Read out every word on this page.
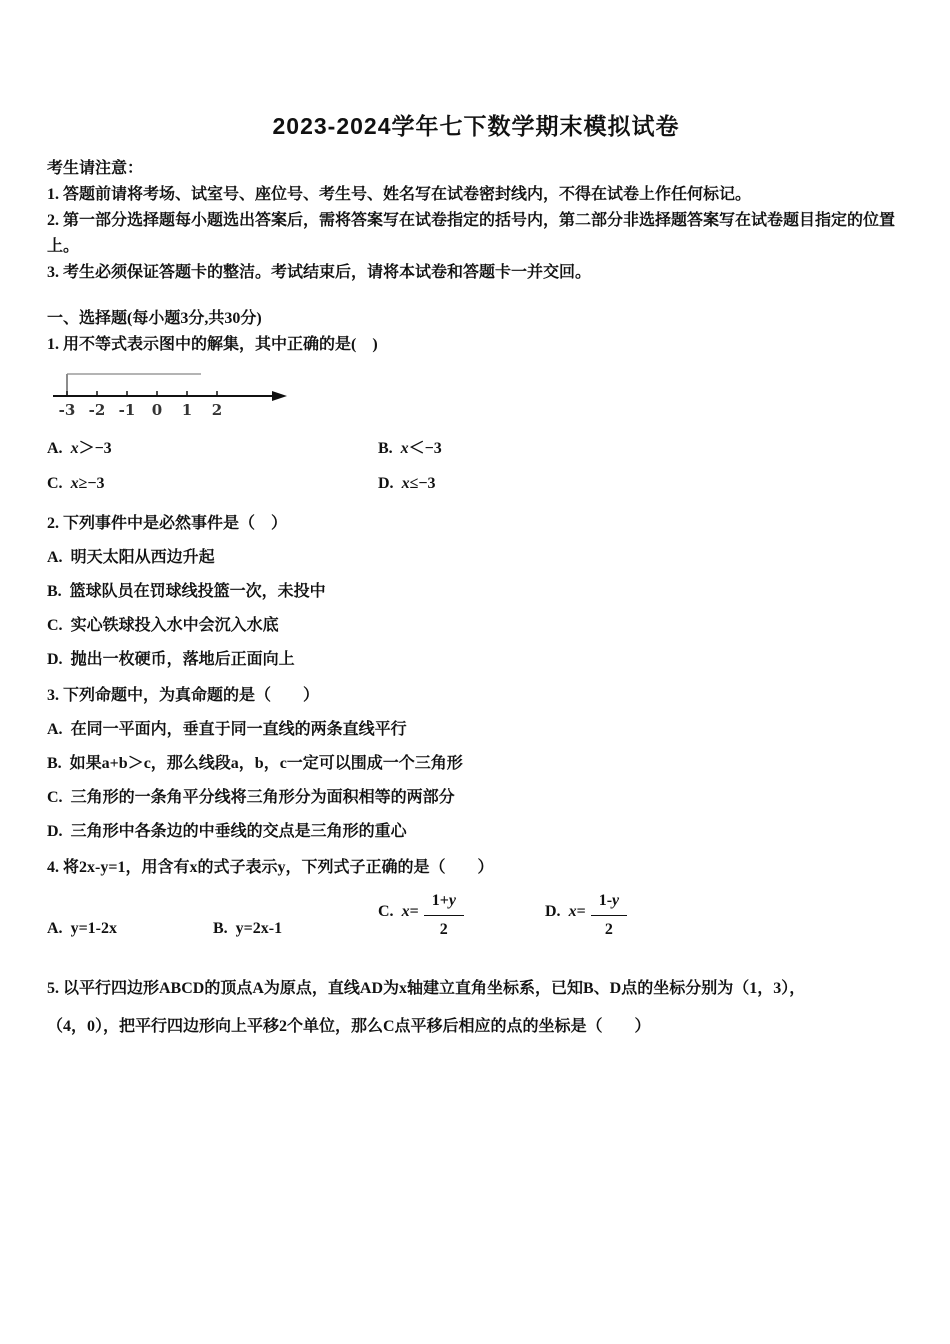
2023-2024学年七下数学期末模拟试卷
考生请注意：
1. 答题前请将考场、试室号、座位号、考生号、姓名写在试卷密封线内，不得在试卷上作任何标记。
2. 第一部分选择题每小题选出答案后，需将答案写在试卷指定的括号内，第二部分非选择题答案写在试卷题目指定的位置上。
3. 考生必须保证答题卡的整洁。考试结束后，请将本试卷和答题卡一并交回。
一、选择题(每小题3分,共30分)
1. 用不等式表示图中的解集，其中正确的是(　)
-3 -2 -1 0 1 2
A. x＞−3	B. x＜−3
C. x≥−3	D. x≤−3
2. 下列事件中是必然事件是（　）
A. 明天太阳从西边升起
B. 篮球队员在罚球线投篮一次，未投中
C. 实心铁球投入水中会沉入水底
D. 抛出一枚硬币，落地后正面向上
3. 下列命题中，为真命题的是（　　）
A. 在同一平面内，垂直于同一直线的两条直线平行
B. 如果a+b＞c，那么线段a，b，c一定可以围成一个三角形
C. 三角形的一条角平分线将三角形分为面积相等的两部分
D. 三角形中各条边的中垂线的交点是三角形的重心
4. 将2x-y=1，用含有x的式子表示y，下列式子正确的是（　　）
A. y=1-2x	B. y=2x-1
C. $x= \frac{1+y}{2}$	D. $x= \frac{1-y}{2}$
5. 以平行四边形ABCD的顶点A为原点，直线AD为x轴建立直角坐标系，已知B、D点的坐标分别为（1，3），
（4，0），把平行四边形向上平移2个单位，那么C点平移后相应的点的坐标是（　　）
